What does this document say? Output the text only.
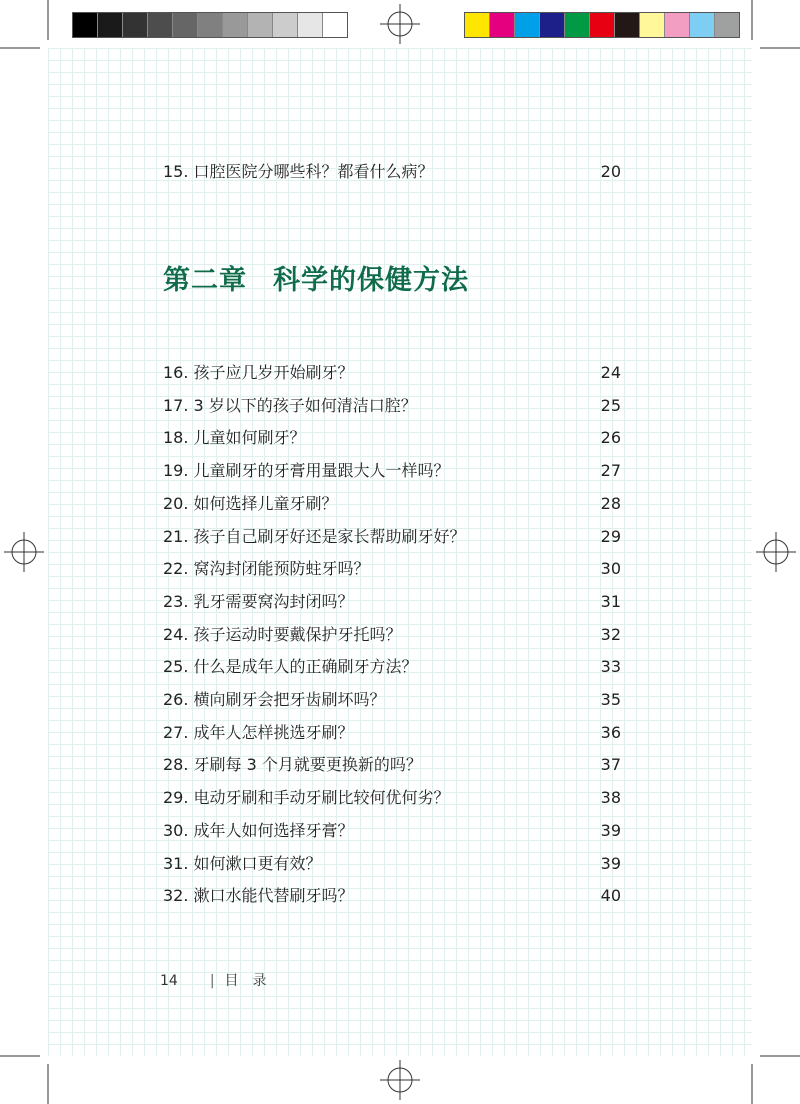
15. 口腔医院分哪些科？都看什么病？	20
第二章 科学的保健方法
16. 孩子应几岁开始刷牙？	24
17. 3 岁以下的孩子如何清洁口腔？	25
18. 儿童如何刷牙？	26
19. 儿童刷牙的牙膏用量跟大人一样吗？	27
20. 如何选择儿童牙刷？	28
21. 孩子自己刷牙好还是家长帮助刷牙好？	29
22. 窝沟封闭能预防蛀牙吗？	30
23. 乳牙需要窝沟封闭吗？	31
24. 孩子运动时要戴保护牙托吗？	32
25. 什么是成年人的正确刷牙方法？	33
26. 横向刷牙会把牙齿刷坏吗？	35
27. 成年人怎样挑选牙刷？	36
28. 牙刷每 3 个月就要更换新的吗？	37
29. 电动牙刷和手动牙刷比较何优何劣？	38
30. 成年人如何选择牙膏？	39
31. 如何漱口更有效？	39
32. 漱口水能代替刷牙吗？	40
14 | 目录
